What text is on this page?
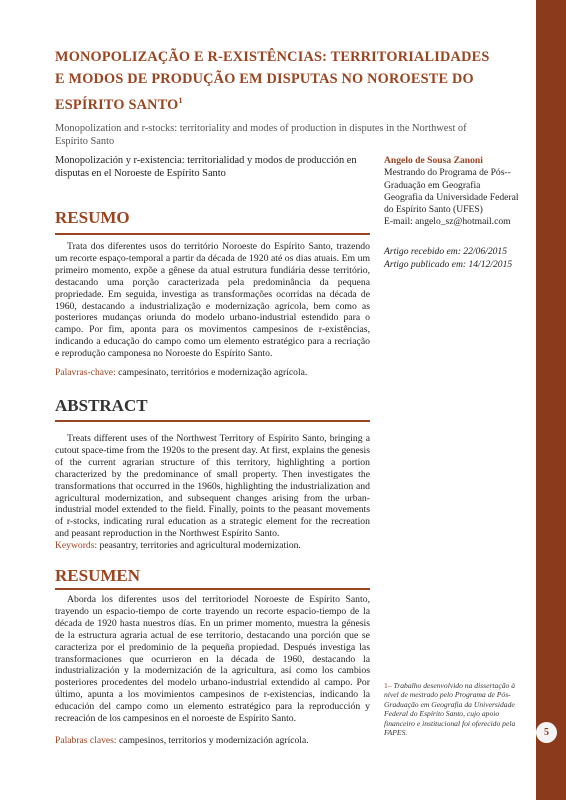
5
MONOPOLIZAÇÃO E R-EXISTÊNCIAS: TERRITORIALIDADES E MODOS DE PRODUÇÃO EM DISPUTAS NO NOROESTE DO ESPÍRITO SANTO$^1$
Monopolization and r-stocks: territoriality and modes of production in disputes in the Northwest of Espírito Santo
Monopolización y r-existencia: territorialidad y modos de producción en disputas en el Noroeste de Espírito Santo
Angelo de Sousa Zanoni
Mestrando do Programa de Pós--Graduação em Geografia Geografia da Universidade Federal do Espírito Santo (UFES)
E-mail: angelo_sz@hotmail.com
Artigo recebido em: 22/06/2015
Artigo publicado em: 14/12/2015
RESUMO

Trata dos diferentes usos do território Noroeste do Espírito Santo, trazendo um recorte espaço-temporal a partir da década de 1920 até os dias atuais. Em um primeiro momento, expõe a gênese da atual estrutura fundiária desse território, destacando uma porção caracterizada pela predominância da pequena propriedade. Em seguida, investiga as transformações ocorridas na década de 1960, destacando a industrialização e modernização agrícola, bem como as posteriores mudanças oriunda do modelo urbano-industrial estendido para o campo. Por fim, aponta para os movimentos campesinos de r-existências, indicando a educação do campo como um elemento estratégico para a recriação e reprodução camponesa no Noroeste do Espírito Santo.

Palavras-chave: campesinato, territórios e modernização agrícola.
ABSTRACT

Treats different uses of the Northwest Territory of Espírito Santo, bringing a cutout space-time from the 1920s to the present day. At first, explains the genesis of the current agrarian structure of this territory, highlighting a portion characterized by the predominance of small property. Then investigates the transformations that occurred in the 1960s, highlighting the industrialization and agricultural modernization, and subsequent changes arising from the urban-industrial model extended to the field. Finally, points to the peasant movements of r-stocks, indicating rural education as a strategic element for the recreation and peasant reproduction in the Northwest Espírito Santo.

Keywords: peasantry, territories and agricultural modernization.
RESUMEN

Aborda los diferentes usos del territoriodel Noroeste de Espírito Santo, trayendo un espacio-tiempo de corte trayendo un recorte espacio-tiempo de la década de 1920 hasta nuestros días. En un primer momento, muestra la génesis de la estructura agraria actual de ese territorio, destacando una porción que se caracteriza por el predominio de la pequeña propiedad. Después investiga las transformaciones que ocurrieron en la década de 1960, destacando la industrialización y la modernización de la agricultura, así como los cambios posteriores procedentes del modelo urbano-industrial extendido al campo. Por último, apunta a los movimientos campesinos de r-existencias, indicando la educación del campo como un elemento estratégico para la reproducción y recreación de los campesinos en el noroeste de Espírito Santo.

Palabras claves: campesinos, territorios y modernización agrícola.
1– Trabalho desenvolvido na dissertação à nível de mestrado pelo Programa de Pós-Graduação em Geografia da Universidade Federal do Espírito Santo, cujo apoio financeiro e institucional foi oferecido pela FAPES.
